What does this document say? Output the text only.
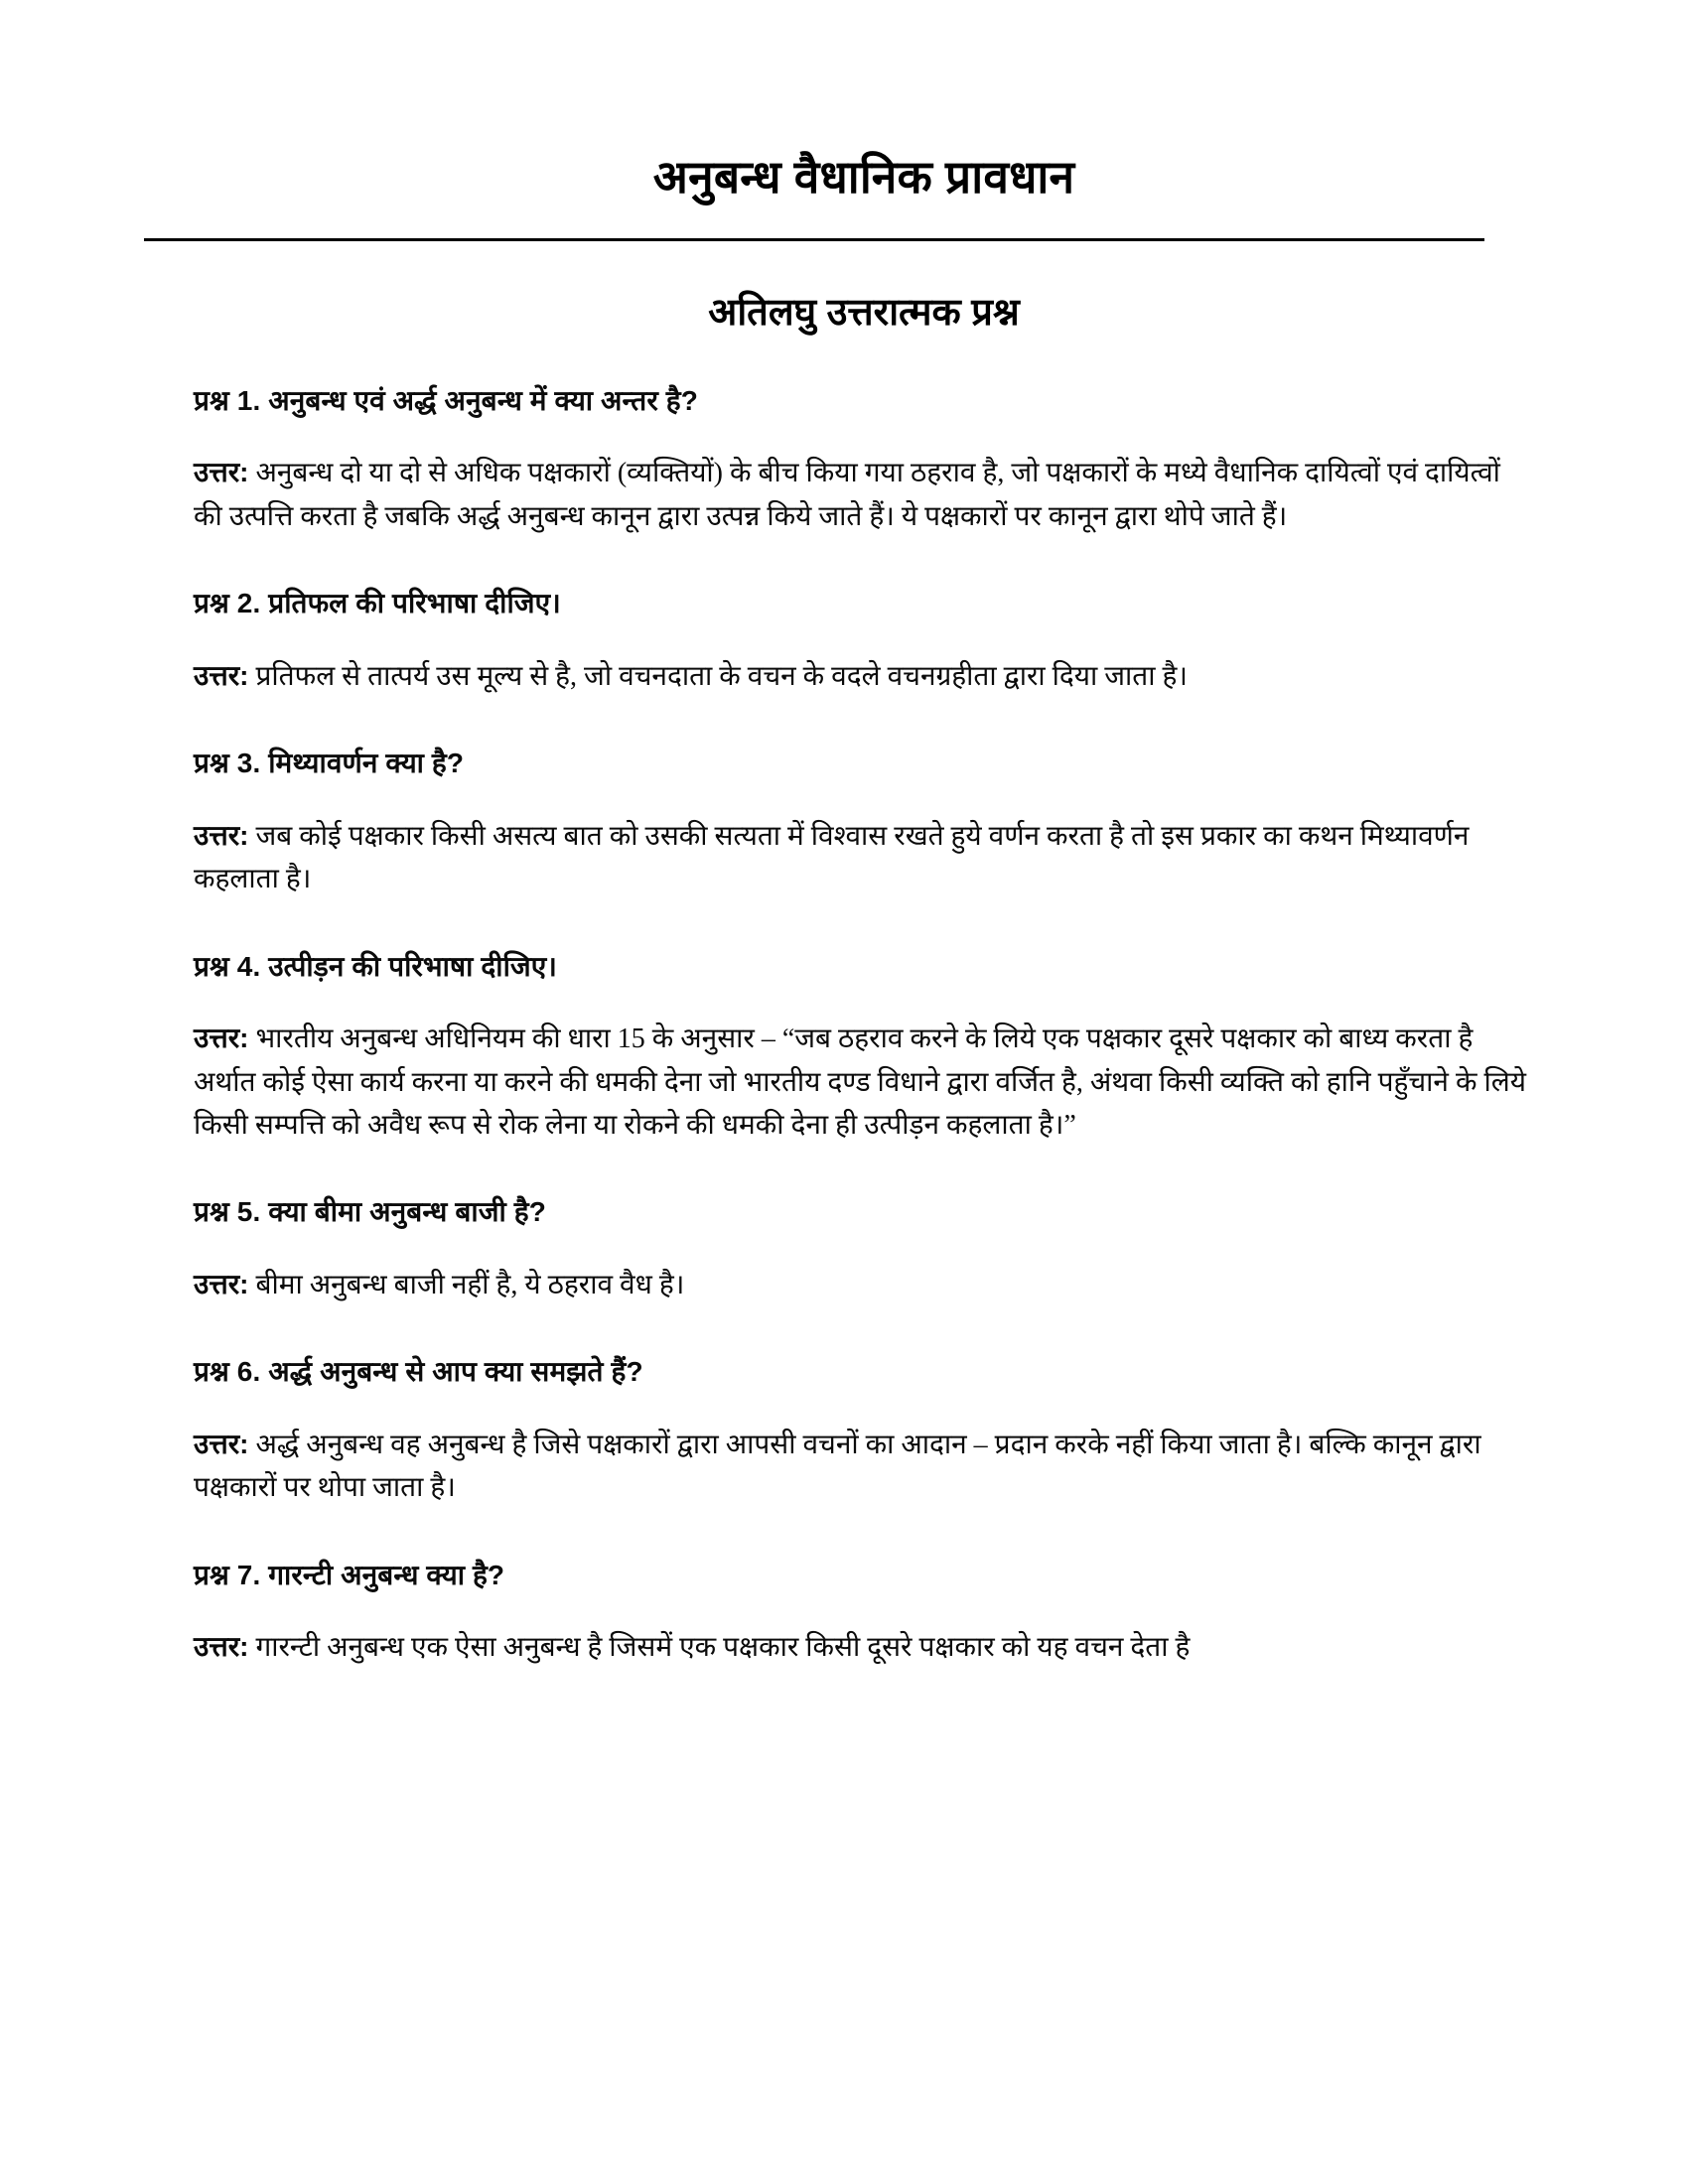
अनुबन्ध वैधानिक प्रावधान
अतिलघु उत्तरात्मक प्रश्न

प्रश्न 1. अनुबन्ध एवं अर्द्ध अनुबन्ध में क्या अन्तर है?

उत्तर: अनुबन्ध दो या दो से अधिक पक्षकारों (व्यक्तियों) के बीच किया गया ठहराव है, जो पक्षकारों के मध्ये वैधानिक दायित्वों एवं दायित्वों की उत्पत्ति करता है जबकि अर्द्ध अनुबन्ध कानून द्वारा उत्पन्न किये जाते हैं। ये पक्षकारों पर कानून द्वारा थोपे जाते हैं।

प्रश्न 2. प्रतिफल की परिभाषा दीजिए।

उत्तर: प्रतिफल से तात्पर्य उस मूल्य से है, जो वचनदाता के वचन के वदले वचनग्रहीता द्वारा दिया जाता है।

प्रश्न 3. मिथ्यावर्णन क्या है?

उत्तर: जब कोई पक्षकार किसी असत्य बात को उसकी सत्यता में विश्वास रखते हुये वर्णन करता है तो इस प्रकार का कथन मिथ्यावर्णन कहलाता है।

प्रश्न 4. उत्पीड़न की परिभाषा दीजिए।

उत्तर: भारतीय अनुबन्ध अधिनियम की धारा 15 के अनुसार – “जब ठहराव करने के लिये एक पक्षकार दूसरे पक्षकार को बाध्य करता है अर्थात कोई ऐसा कार्य करना या करने की धमकी देना जो भारतीय दण्ड विधाने द्वारा वर्जित है, अंथवा किसी व्यक्ति को हानि पहुँचाने के लिये किसी सम्पत्ति को अवैध रूप से रोक लेना या रोकने की धमकी देना ही उत्पीड़न कहलाता है।”

प्रश्न 5. क्या बीमा अनुबन्ध बाजी है?

उत्तर: बीमा अनुबन्ध बाजी नहीं है, ये ठहराव वैध है।

प्रश्न 6. अर्द्ध अनुबन्ध से आप क्या समझते हैं?

उत्तर: अर्द्ध अनुबन्ध वह अनुबन्ध है जिसे पक्षकारों द्वारा आपसी वचनों का आदान – प्रदान करके नहीं किया जाता है। बल्कि कानून द्वारा पक्षकारों पर थोपा जाता है।

प्रश्न 7. गारन्टी अनुबन्ध क्या है?

उत्तर: गारन्टी अनुबन्ध एक ऐसा अनुबन्ध है जिसमें एक पक्षकार किसी दूसरे पक्षकार को यह वचन देता है
